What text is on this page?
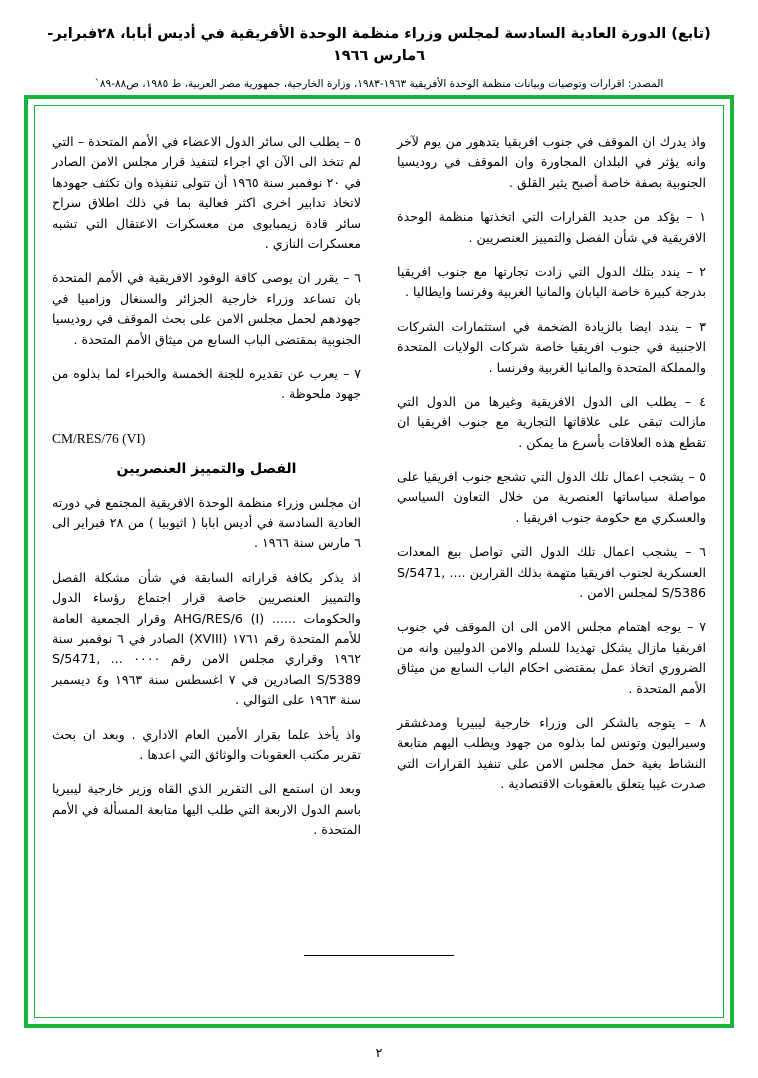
(تابع) الدورة العادية السادسة لمجلس وزراء منظمة الوحدة الأفريقية في أديس أبابا، ٢٨فبراير- ٦مارس ١٩٦٦
المصدر: اقرارات وتوصيات وبيانات منظمة الوحدة الأفريقية ١٩٦٣-١٩٨٣، وزارة الخارجية، جمهورية مصر العربية، ط ١٩٨٥، ص٨٨-٨٩`

واذ يدرك ان الموقف في جنوب افريقيا يتدهور من يوم لآخر وانه يؤثر في البلدان المجاورة وان الموقف في روديسيا الجنوبية بصفة خاصة أصبح يثير القلق .

١ – يؤكد من جديد القرارات التي اتخذتها منظمة الوحدة الافريقية في شأن الفصل والتمييز العنصريين .

٢ – يندد بتلك الدول التي زادت تجارتها مع جنوب افريقيا بدرجة كبيرة خاصة اليابان والمانيا الغربية وفرنسا وايطاليا .

٣ – يندد ايضا بالزيادة الضخمة في استثمارات الشركات الاجنبية في جنوب افريقيا خاصة شركات الولايات المتحدة والمملكة المتحدة والمانيا الغربية وفرنسا .

٤ – يطلب الى الدول الافريقية وغيرها من الدول التي مازالت تبقى على علاقاتها التجارية مع جنوب افريقيا ان تقطع هذه العلاقات بأسرع ما يمكن .

٥ – يشجب اعمال تلك الدول التي تشجع جنوب افريقيا على مواصلة سياساتها العنصرية من خلال التعاون السياسي والعسكري مع حكومة جنوب افريقيا .

٦ – يشجب اعمال تلك الدول التي تواصل بيع المعدات العسكرية لجنوب افريقيا متهمة بذلك القرارين .... S/5471, S/5386 لمجلس الامن .

٧ – يوجه اهتمام مجلس الامن الى ان الموقف في جنوب افريقيا مازال يشكل تهديدا للسلم والامن الدوليين وانه من الضروري اتخاذ عمل بمقتضى احكام الباب السابع من ميثاق الأمم المتحدة .

٨ – يتوجه بالشكر الى وزراء خارجية ليبيريا ومدغشقر وسيراليون وتونس لما بذلوه من جهود ويطلب اليهم متابعة النشاط بغية حمل مجلس الامن على تنفيذ القرارات التي صدرت غيبا يتعلق بالعقوبات الاقتصادية .

٥ – يطلب الى سائر الدول الاعضاء في الأمم المتحدة – التي لم تتخذ الى الآن اي اجراء لتنفيذ قرار مجلس الامن الصادر في ٢٠ نوفمبر سنة ١٩٦٥ أن تتولى تنفيذه وان تكثف جهودها لاتخاذ تدابير اخرى اكثر فعالية بما في ذلك اطلاق سراح سائر قادة زيمبابوى من معسكرات الاعتقال التي تشبه معسكرات النازي .

٦ – يقرر ان يوصى كافة الوفود الافريقية في الأمم المتحدة بان تساعد وزراء خارجية الجزائر والسنغال وزامبيا في جهودهم لحمل مجلس الامن على بحث الموقف في روديسيا الجنوبية بمقتضى الباب السابع من ميثاق الأمم المتحدة .

٧ – يعرب عن تقديره للجنة الخمسة والخبراء لما بذلوه من جهود ملحوظة .

CM/RES/76 (VI)
الفصل والتمييز العنصريين

ان مجلس وزراء منظمة الوحدة الافريقية المجتمع في دورته العادية السادسة في أديس ابابا ( اثيوبيا ) من ٢٨ فبراير الى ٦ مارس سنة ١٩٦٦ .

اذ يذكر بكافة قراراته السابقة في شأن مشكلة الفصل والتمييز العنصريين خاصة قرار اجتماع رؤساء الدول والحكومات ...... AHG/RES/6 (I) وقرار الجمعية العامة للأمم المتحدة رقم ١٧٦١ (XVIII) الصادر في ٦ نوفمبر سنة ١٩٦٢ وقراري مجلس الامن رقم ٠٠٠٠ ... S/5471, S/5389 الصادرين في ٧ اغسطس سنة ١٩٦٣ و٤ ديسمبر سنة ١٩٦٣ على التوالي .

واذ يأخذ علما بقرار الأمين العام الاداري . وبعد ان بحث تقرير مكتب العقوبات والوثائق التي اعدها .

وبعد ان استمع الى التقرير الذي القاه وزير خارجية ليبيريا باسم الدول الاربعة التي طلب اليها متابعة المسألة في الأمم المتحدة .

٢
